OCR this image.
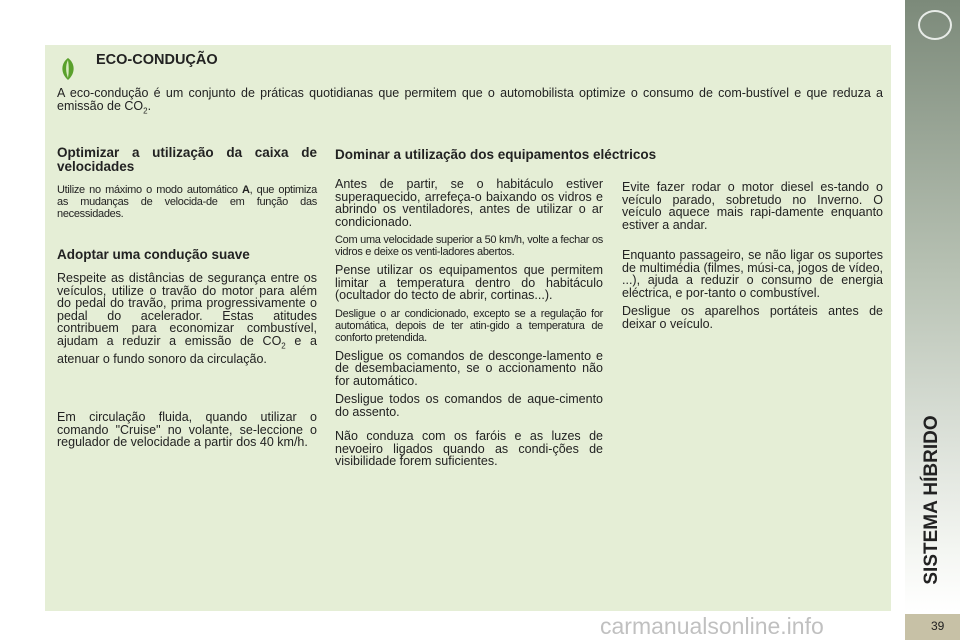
ECO-CONDUÇÃO
A eco-condução é um conjunto de práticas quotidianas que permitem que o automobilista optimize o consumo de com-bustível e que reduza a emissão de $CO_2$.
Optimizar a utilização da caixa de velocidades

Utilize no máximo o modo automático A, que optimiza as mudanças de velocida-de em função das necessidades.

Adoptar uma condução suave

Respeite as distâncias de segurança entre os veículos, utilize o travão do motor para além do pedal do travão, prima progressivamente o pedal do acelerador. Estas atitudes contribuem para economizar combustível, ajudam a reduzir a emissão de $CO_2$ e a atenuar o fundo sonoro da circulação.

Em circulação fluida, quando utilizar o comando "Cruise" no volante, se-leccione o regulador de velocidade a partir dos 40 km/h.

Dominar a utilização dos equipamentos eléctricos

Antes de partir, se o habitáculo estiver superaquecido, arrefeça-o baixando os vidros e abrindo os ventiladores, antes de utilizar o ar condicionado.

Com uma velocidade superior a 50 km/h, volte a fechar os vidros e deixe os venti-ladores abertos.

Pense utilizar os equipamentos que permitem limitar a temperatura dentro do habitáculo (ocultador do tecto de abrir, cortinas...).

Desligue o ar condicionado, excepto se a regulação for automática, depois de ter atin-gido a temperatura de conforto pretendida.

Desligue os comandos de desconge-lamento e de desembaciamento, se o accionamento não for automático.

Desligue todos os comandos de aque-cimento do assento.

Não conduza com os faróis e as luzes de nevoeiro ligados quando as condi-ções de visibilidade forem suficientes.

Evite fazer rodar o motor diesel es-tando o veículo parado, sobretudo no Inverno. O veículo aquece mais rapi-damente enquanto estiver a andar.

Enquanto passageiro, se não ligar os suportes de multimédia (filmes, músi-ca, jogos de vídeo, ...), ajuda a reduzir o consumo de energia eléctrica, e por-tanto o combustível.

Desligue os aparelhos portáteis antes de deixar o veículo.

SISTEMA HÍBRIDO
39
carmanualsonline.info
